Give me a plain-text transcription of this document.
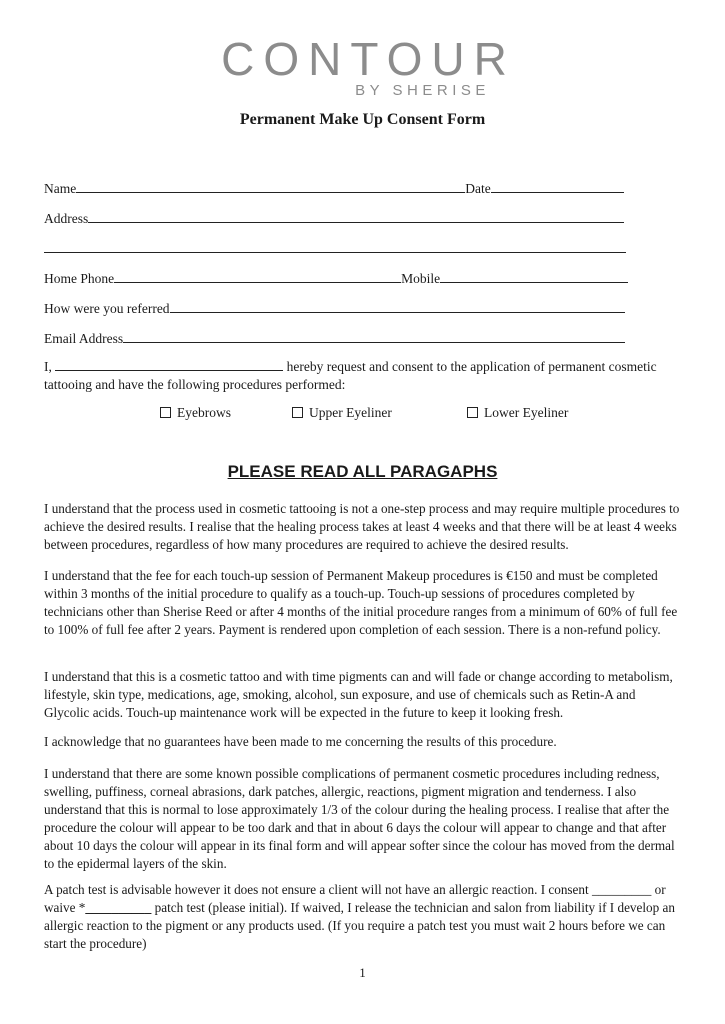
CONTOUR
BY SHERISE
Permanent Make Up Consent Form
Name	Date
Address
Home Phone	Mobile
How were you referred
Email Address
I,	hereby request and consent to the application of permanent cosmetic tattooing and have the following procedures performed:
Eyebrows	Upper Eyeliner	Lower Eyeliner
PLEASE READ ALL PARAGAPHS
I understand that the process used in cosmetic tattooing is not a one-step process and may require multiple procedures to achieve the desired results. I realise that the healing process takes at least 4 weeks and that there will be at least 4 weeks between procedures, regardless of how many procedures are required to achieve the desired results.
I understand that the fee for each touch-up session of Permanent Makeup procedures is €150 and must be completed within 3 months of the initial procedure to qualify as a touch-up. Touch-up sessions of procedures completed by technicians other than Sherise Reed or after 4 months of the initial procedure ranges from a minimum of 60% of full fee to 100% of full fee after 2 years. Payment is rendered upon completion of each session. There is a non-refund policy.
I understand that this is a cosmetic tattoo and with time pigments can and will fade or change according to metabolism, lifestyle, skin type, medications, age, smoking, alcohol, sun exposure, and use of chemicals such as Retin-A and Glycolic acids. Touch-up maintenance work will be expected in the future to keep it looking fresh.
I acknowledge that no guarantees have been made to me concerning the results of this procedure.
I understand that there are some known possible complications of permanent cosmetic procedures including redness, swelling, puffiness, corneal abrasions, dark patches, allergic, reactions, pigment migration and tenderness. I also understand that this is normal to lose approximately 1/3 of the colour during the healing process. I realise that after the procedure the colour will appear to be too dark and that in about 6 days the colour will appear to change and that after about 10 days the colour will appear in its final form and will appear softer since the colour has moved from the dermal to the epidermal layers of the skin.
A patch test is advisable however it does not ensure a client will not have an allergic reaction. I consent _________ or waive *__________ patch test (please initial). If waived, I release the technician and salon from liability if I develop an allergic reaction to the pigment or any products used. (If you require a patch test you must wait 2 hours before we can start the procedure)
1
